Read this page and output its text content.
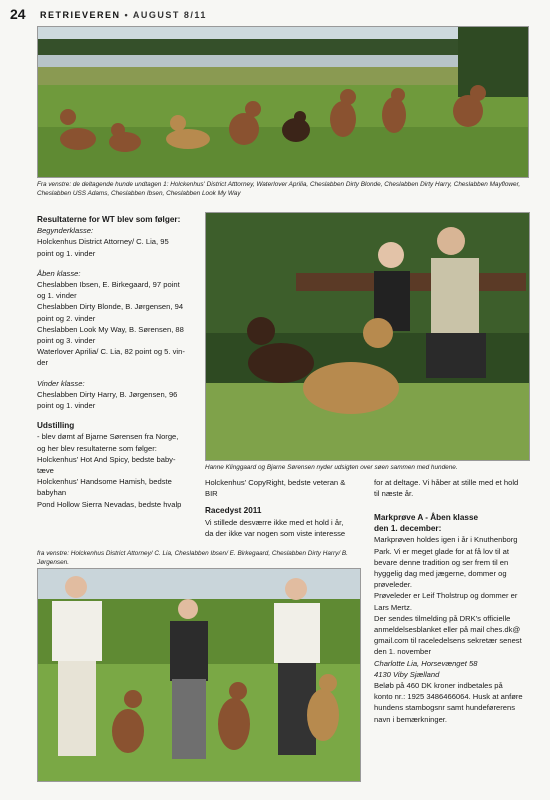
24 RETRIEVEREN • AUGUST 8/11
Fra venstre: de deltagende hunde undtagen 1: Holckenhus' District Atttorney, Waterlover Aprilia, Cheslabben Dirty Blonde, Cheslabben Dirty Harry, Cheslabben Mayflower, Cheslabben USS Adams, Cheslabben Ibsen, Cheslabben Look My Way

Resultaterne for WT blev som følger:

Begynderklasse:

Holckenhus District Attorney/ C. Lia, 95

point og 1. vinder

Åben klasse:

Cheslabben Ibsen, E. Birkegaard, 97 point

og 1. vinder

Cheslabben Dirty Blonde, B. Jørgensen, 94

point og 2. vinder

Cheslabben Look My Way, B. Sørensen, 88

point og 3. vinder

Waterlover Aprilia/ C. Lia, 82 point og 5. vin-

der

Vinder klasse:

Cheslabben Dirty Harry, B. Jørgensen, 96

point og 1. vinder

Udstilling

- blev dømt af Bjarne Sørensen fra Norge,

og her blev resultaterne som følger:

Holckenhus' Hot And Spicy, bedste baby-

tæve

Holckenhus' Handsome Hamish, bedste

babyhan

Pond Hollow Sierra Nevadas, bedste hvalp

Hanne Klinggaard og Bjarne Sørensen nyder udsigten over søen sammen med hundene.

Holckenhus' CopyRight, bedste veteran &

BIR

Racedyst 2011

Vi stillede desværre ikke med et hold i år,

da der ikke var nogen som viste interesse

for at deltage. Vi håber at stille med et hold

til næste år.

fra venstre: Holckenhus District Attorney/ C. Lia, Cheslabben Ibsen/ E. Birkegaard, Cheslabben Dirty Harry/ B. Jørgensen.

Markprøve A - Åben klasse

den 1. december:

Markprøven holdes igen i år i Knuthenborg

Park. Vi er meget glade for at få lov til at

bevare denne tradition og ser frem til en

hyggelig dag med jægerne, dommer og

prøveleder.

Prøveleder er Leif Tholstrup og dommer er

Lars Mertz.

Der sendes tilmelding på DRK's officielle

anmeldelsesblanket eller på mail ches.dk@

gmail.com til raceledelsens sekretær senest

den 1. november

Charlotte Lia, Horsevænget 58

4130 Viby Sjælland

Beløb på 460 DK kroner indbetales på

konto nr.: 1925 3486466064. Husk at anføre

hundens stambogsnr samt hundeførerens

navn i bemærkninger.
